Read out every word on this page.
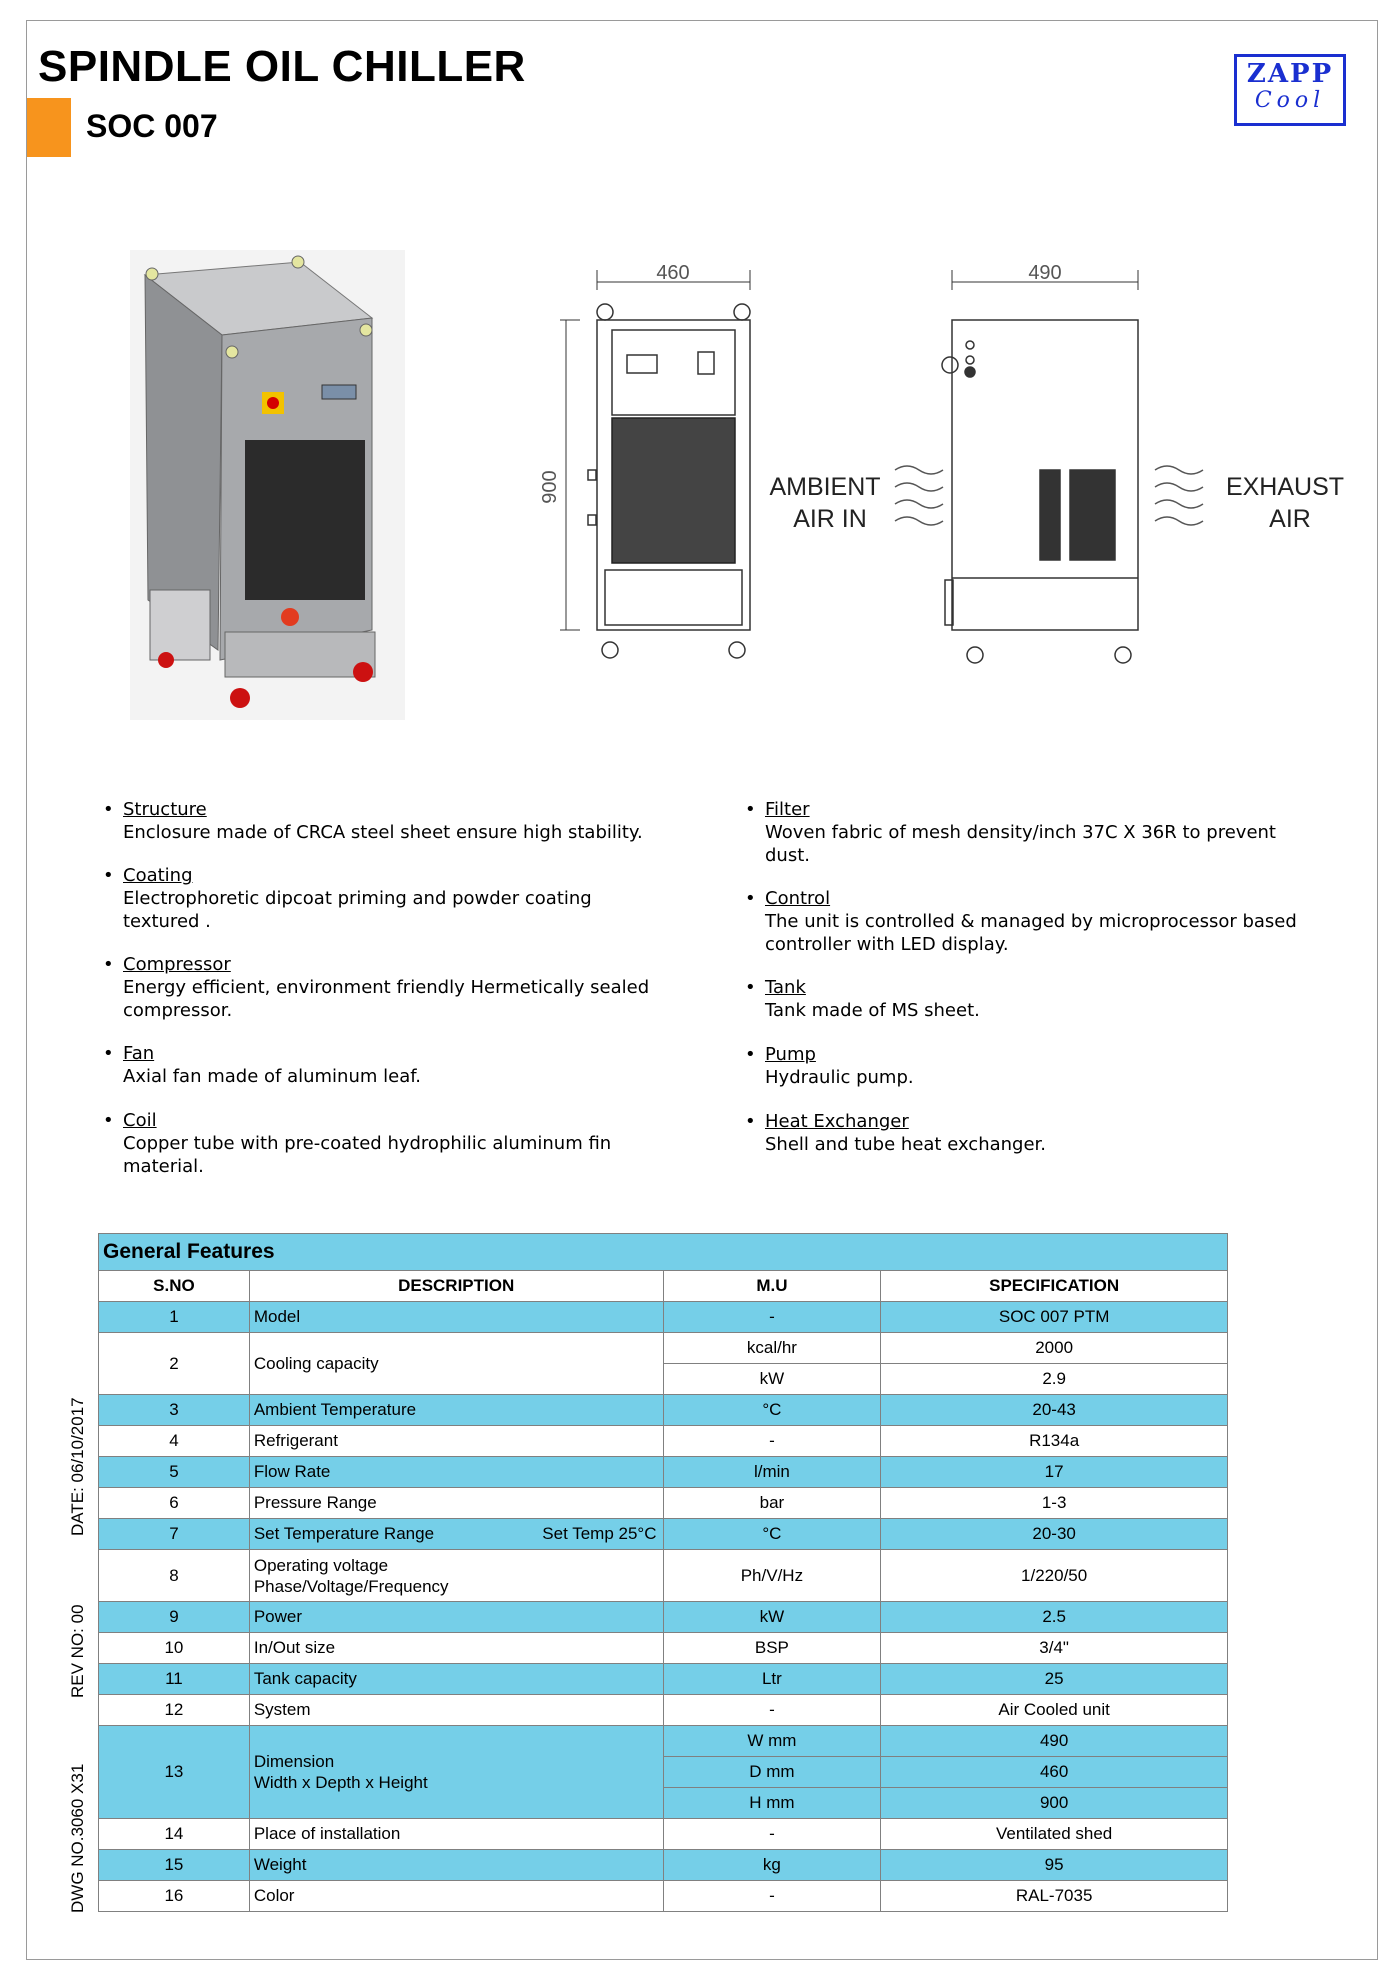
SPINDLE OIL CHILLER
SOC 007
ZAPP
Cool
460	490
900	AMBIENT
AIR IN
EXHAUST
AIR
• Structure
Enclosure made of CRCA steel sheet ensure high stability.
• Coating
Electrophoretic dipcoat priming and powder coating
textured .
• Compressor
Energy efficient, environment friendly Hermetically sealed
compressor.
• Fan
Axial fan made of aluminum leaf.
• Coil
Copper tube with pre-coated hydrophilic aluminum fin
material.
• Filter
Woven fabric of mesh density/inch 37C X 36R to prevent
dust.
• Control
The unit is controlled & managed by microprocessor based
controller with LED display.
• Tank
Tank made of MS sheet.
• Pump
Hydraulic pump.
• Heat Exchanger
Shell and tube heat exchanger.
General Features			
S.NO	DESCRIPTION	M.U	SPECIFICATION
1	Model	-	SOC 007 PTM
2	Cooling capacity	kcal/hr	2000
		kW	2.9
3	Ambient Temperature	°C	20-43
4	Refrigerant	-	R134a
5	Flow Rate	l/min	17
6	Pressure Range	bar	1-3
7	Set Temperature Range Set Temp 25°C	°C	20-30
8	Operating voltage
Phase/Voltage/Frequency	Ph/V/Hz	1/220/50
9	Power	kW	2.5
10	In/Out size	BSP	3/4"
11	Tank capacity	Ltr	25
12	System	-	Air Cooled unit
13	Dimension
Width x Depth x Height	W mm	490
		D mm	460
		H mm	900
14	Place of installation	-	Ventilated shed
15	Weight	kg	95
16	Color	-	RAL-7035
DATE: 06/10/2017
REV NO: 00
DWG NO.3060 X31
